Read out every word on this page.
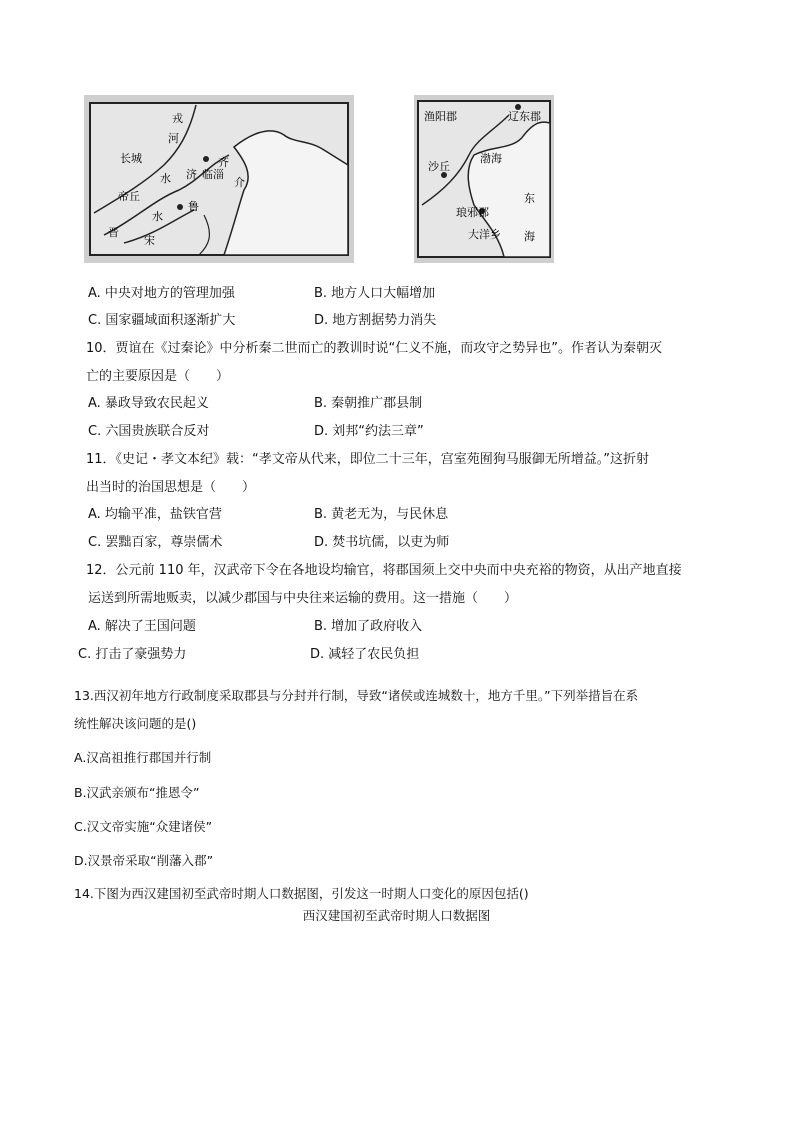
戎
河
长城
水
齐
济 临淄
介
帝丘
鲁
水
晋
宋
渔阳郡	辽东郡
渤海
沙丘
琅邪郡
东
海
大洋乡
A. 中央对地方的管理加强	B. 地方人口大幅增加
C. 国家疆域面积逐渐扩大	D. 地方割据势力消失
10．贾谊在《过秦论》中分析秦二世而亡的教训时说“仁义不施，而攻守之势异也”。作者认为秦朝灭
亡的主要原因是（　　）
A. 暴政导致农民起义	B. 秦朝推广郡县制
C. 六国贵族联合反对	D. 刘邦“约法三章”
11．《史记・孝文本纪》载：“孝文帝从代来，即位二十三年，宫室苑囿狗马服御无所增益。”这折射
出当时的治国思想是（　　）
A. 均输平准，盐铁官营	B. 黄老无为，与民休息
C. 罢黜百家，尊崇儒术	D. 焚书坑儒，以吏为师
12．公元前 110 年，汉武帝下令在各地设均输官，将郡国须上交中央而中央充裕的物资，从出产地直接
运送到所需地贩卖，以减少郡国与中央往来运输的费用。这一措施（　　）
A. 解决了王国问题	B. 增加了政府收入
C. 打击了豪强势力	D. 减轻了农民负担
13.西汉初年地方行政制度采取郡县与分封并行制，导致“诸侯或连城数十，地方千里。”下列举措旨在系
统性解决该问题的是()
A.汉高祖推行郡国并行制
B.汉武亲颁布“推恩令”
C.汉文帝实施“众建诸侯”
D.汉景帝采取“削藩入郡”
14.下图为西汉建国初至武帝时期人口数据图，引发这一时期人口变化的原因包括()
西汉建国初至武帝时期人口数据图
